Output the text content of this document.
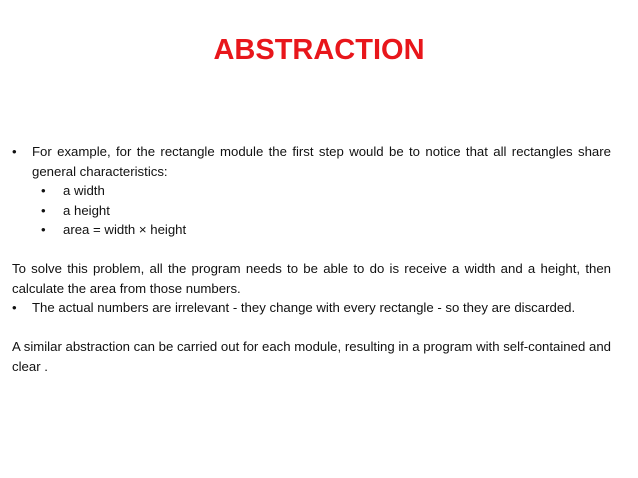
ABSTRACTION
•	For example, for the rectangle module the first step would be to notice that all rectangles share general characteristics:
•	a width
•	a height
•	area = width × height
To solve this problem, all the program needs to be able to do is receive a width and a height, then calculate the area from those numbers.
•	The actual numbers are irrelevant - they change with every rectangle - so they are discarded.
A similar abstraction can be carried out for each module, resulting in a program with self-contained and clear .
